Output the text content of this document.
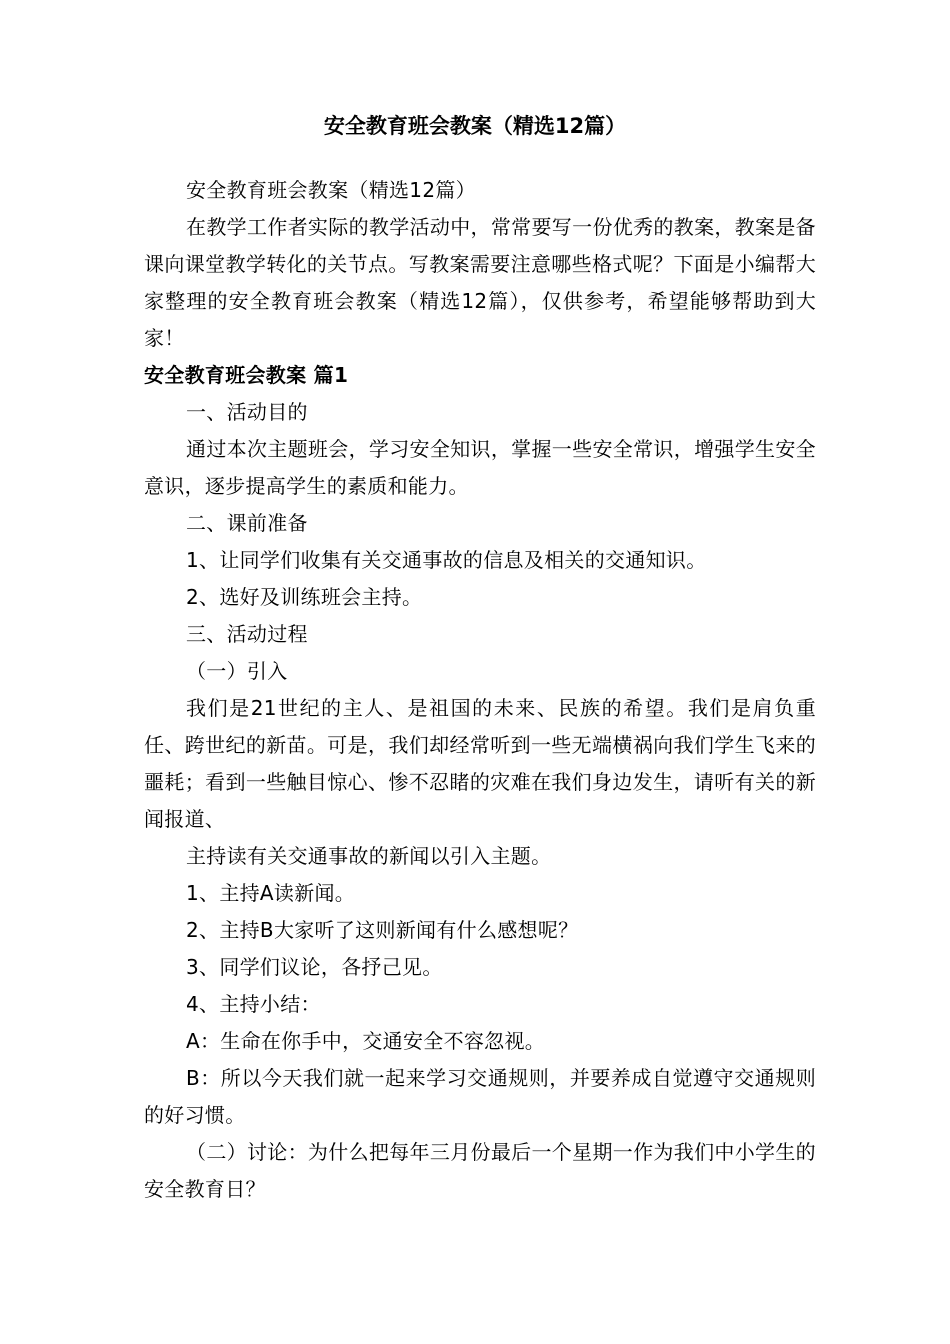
安全教育班会教案（精选12篇）

安全教育班会教案（精选12篇）

在教学工作者实际的教学活动中，常常要写一份优秀的教案，教案是备课向课堂教学转化的关节点。写教案需要注意哪些格式呢？下面是小编帮大家整理的安全教育班会教案（精选12篇），仅供参考，希望能够帮助到大家！

安全教育班会教案 篇1

一、活动目的

通过本次主题班会，学习安全知识，掌握一些安全常识，增强学生安全意识，逐步提高学生的素质和能力。

二、课前准备

1、让同学们收集有关交通事故的信息及相关的交通知识。

2、选好及训练班会主持。

三、活动过程

（一）引入

我们是21世纪的主人、是祖国的未来、民族的希望。我们是肩负重任、跨世纪的新苗。可是，我们却经常听到一些无端横祸向我们学生飞来的噩耗；看到一些触目惊心、惨不忍睹的灾难在我们身边发生，请听有关的新闻报道、

主持读有关交通事故的新闻以引入主题。

1、主持A读新闻。

2、主持B大家听了这则新闻有什么感想呢？

3、同学们议论，各抒己见。

4、主持小结：

A：生命在你手中，交通安全不容忽视。

B：所以今天我们就一起来学习交通规则，并要养成自觉遵守交通规则的好习惯。

（二）讨论：为什么把每年三月份最后一个星期一作为我们中小学生的安全教育日？
